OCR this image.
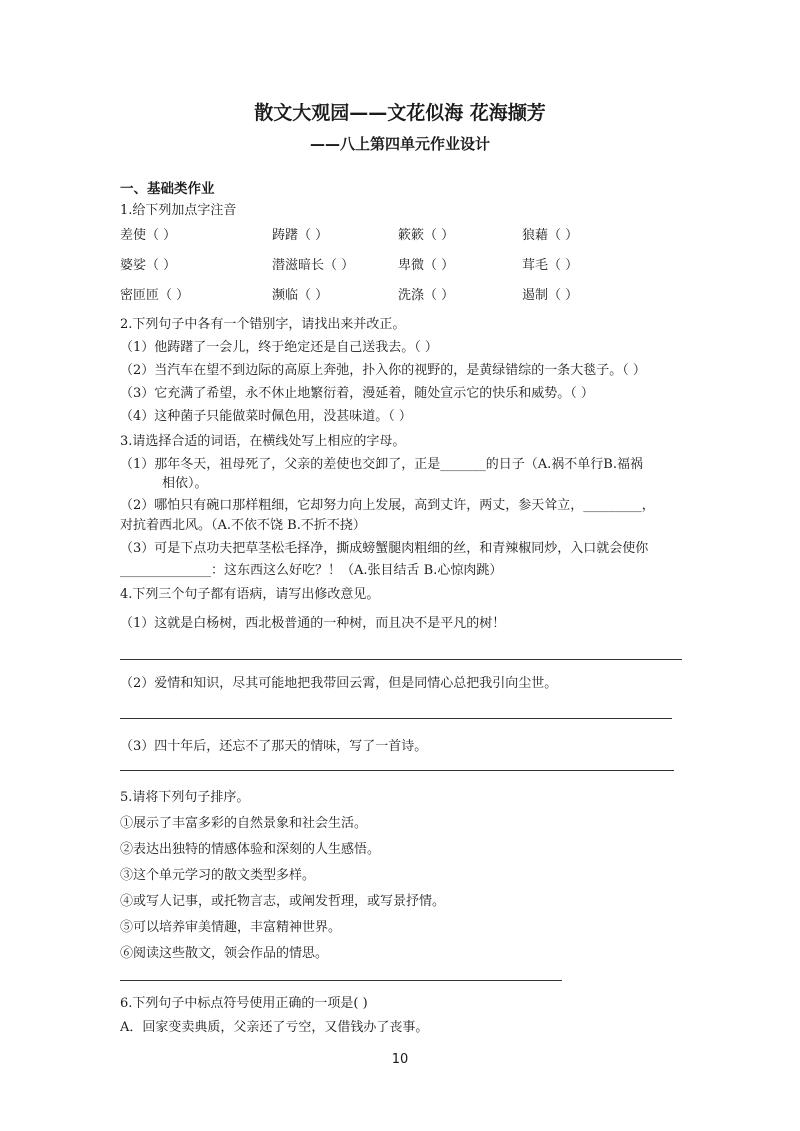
散文大观园——文花似海 花海撷芳
——八上第四单元作业设计
一、基础类作业
1.给下列加点字注音
差使（ ）	踌躇（ ）	簌簌（ ）	狼藉（ ）
婆娑（ ）	潜滋暗长（ ）	卑微（ ）	茸毛（ ）
密匝匝（ ）	濒临（ ）	洗涤（ ）	遏制（ ）
2.下列句子中各有一个错别字，请找出来并改正。
（1）他踌躇了一会儿，终于绝定还是自己送我去。（ ）
（2）当汽车在望不到边际的高原上奔弛，扑入你的视野的，是黄绿错综的一条大毯子。（ ）
（3）它充满了希望，永不休止地繁衍着，漫延着，随处宣示它的快乐和威势。（ ）
（4）这种菌子只能做菜时佩色用，没甚味道。（ ）
3.请选择合适的词语，在横线处写上相应的字母。
（1）那年冬天，祖母死了，父亲的差使也交卸了，正是_______的日子（A.祸不单行B.福祸
相依）。
（2）哪怕只有碗口那样粗细，它却努力向上发展，高到丈许，两丈，参天耸立，_________，
对抗着西北风。（A.不依不饶 B.不折不挠）
（3）可是下点功夫把草茎松毛择净，撕成螃蟹腿肉粗细的丝，和青辣椒同炒，入口就会使你
______________：这东西这么好吃？！（A.张目结舌 B.心惊肉跳）
4.下列三个句子都有语病，请写出修改意见。
（1）这就是白杨树，西北极普通的一种树，而且决不是平凡的树！
（2）爱情和知识，尽其可能地把我带回云霄，但是同情心总把我引向尘世。
（3）四十年后，还忘不了那天的情味，写了一首诗。
5.请将下列句子排序。
①展示了丰富多彩的自然景象和社会生活。
②表达出独特的情感体验和深刻的人生感悟。
③这个单元学习的散文类型多样。
④或写人记事，或托物言志，或阐发哲理，或写景抒情。
⑤可以培养审美情趣，丰富精神世界。
⑥阅读这些散文，领会作品的情思。
6.下列句子中标点符号使用正确的一项是( )
A．回家变卖典质，父亲还了亏空，又借钱办了丧事。
10
